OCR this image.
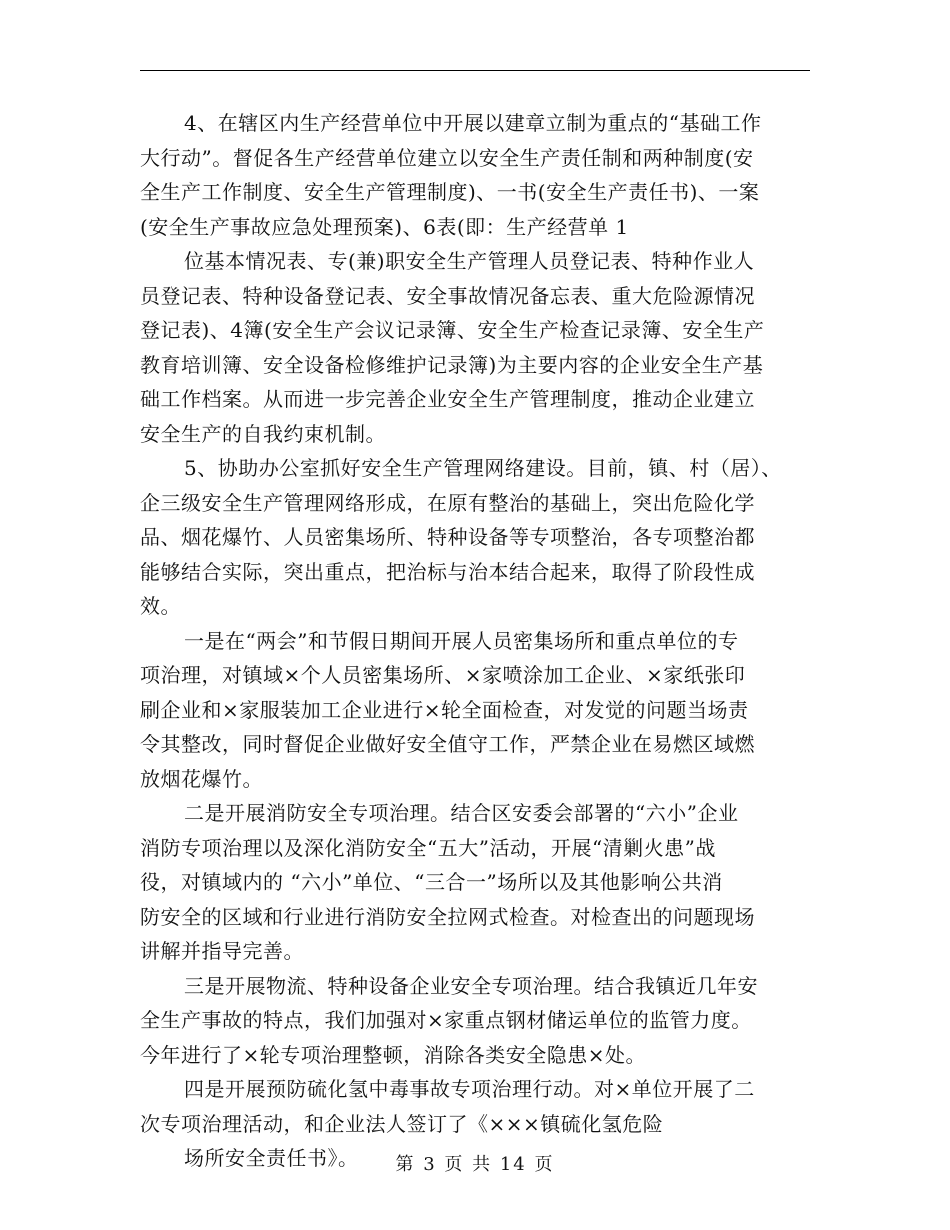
4、在辖区内生产经营单位中开展以建章立制为重点的“基础工作
大行动”。督促各生产经营单位建立以安全生产责任制和两种制度(安
全生产工作制度、安全生产管理制度)、一书(安全生产责任书)、一案
(安全生产事故应急处理预案)、6表(即：生产经营单 1
位基本情况表、专(兼)职安全生产管理人员登记表、特种作业人
员登记表、特种设备登记表、安全事故情况备忘表、重大危险源情况
登记表)、4簿(安全生产会议记录簿、安全生产检查记录簿、安全生产
教育培训簿、安全设备检修维护记录簿)为主要内容的企业安全生产基
础工作档案。从而进一步完善企业安全生产管理制度，推动企业建立
安全生产的自我约束机制。
5、协助办公室抓好安全生产管理网络建设。目前，镇、村（居）、
企三级安全生产管理网络形成，在原有整治的基础上，突出危险化学
品、烟花爆竹、人员密集场所、特种设备等专项整治，各专项整治都
能够结合实际，突出重点，把治标与治本结合起来，取得了阶段性成
效。
一是在“两会”和节假日期间开展人员密集场所和重点单位的专
项治理，对镇域×个人员密集场所、×家喷涂加工企业、×家纸张印
刷企业和×家服装加工企业进行×轮全面检查，对发觉的问题当场责
令其整改，同时督促企业做好安全值守工作，严禁企业在易燃区域燃
放烟花爆竹。
二是开展消防安全专项治理。结合区安委会部署的“六小”企业
消防专项治理以及深化消防安全“五大”活动，开展“清剿火患”战
役，对镇域内的 “六小”单位、“三合一”场所以及其他影响公共消
防安全的区域和行业进行消防安全拉网式检查。对检查出的问题现场
讲解并指导完善。
三是开展物流、特种设备企业安全专项治理。结合我镇近几年安
全生产事故的特点，我们加强对×家重点钢材储运单位的监管力度。
今年进行了×轮专项治理整顿，消除各类安全隐患×处。
四是开展预防硫化氢中毒事故专项治理行动。对×单位开展了二
次专项治理活动，和企业法人签订了《×××镇硫化氢危险
场所安全责任书》。	第 3 页 共 14 页
